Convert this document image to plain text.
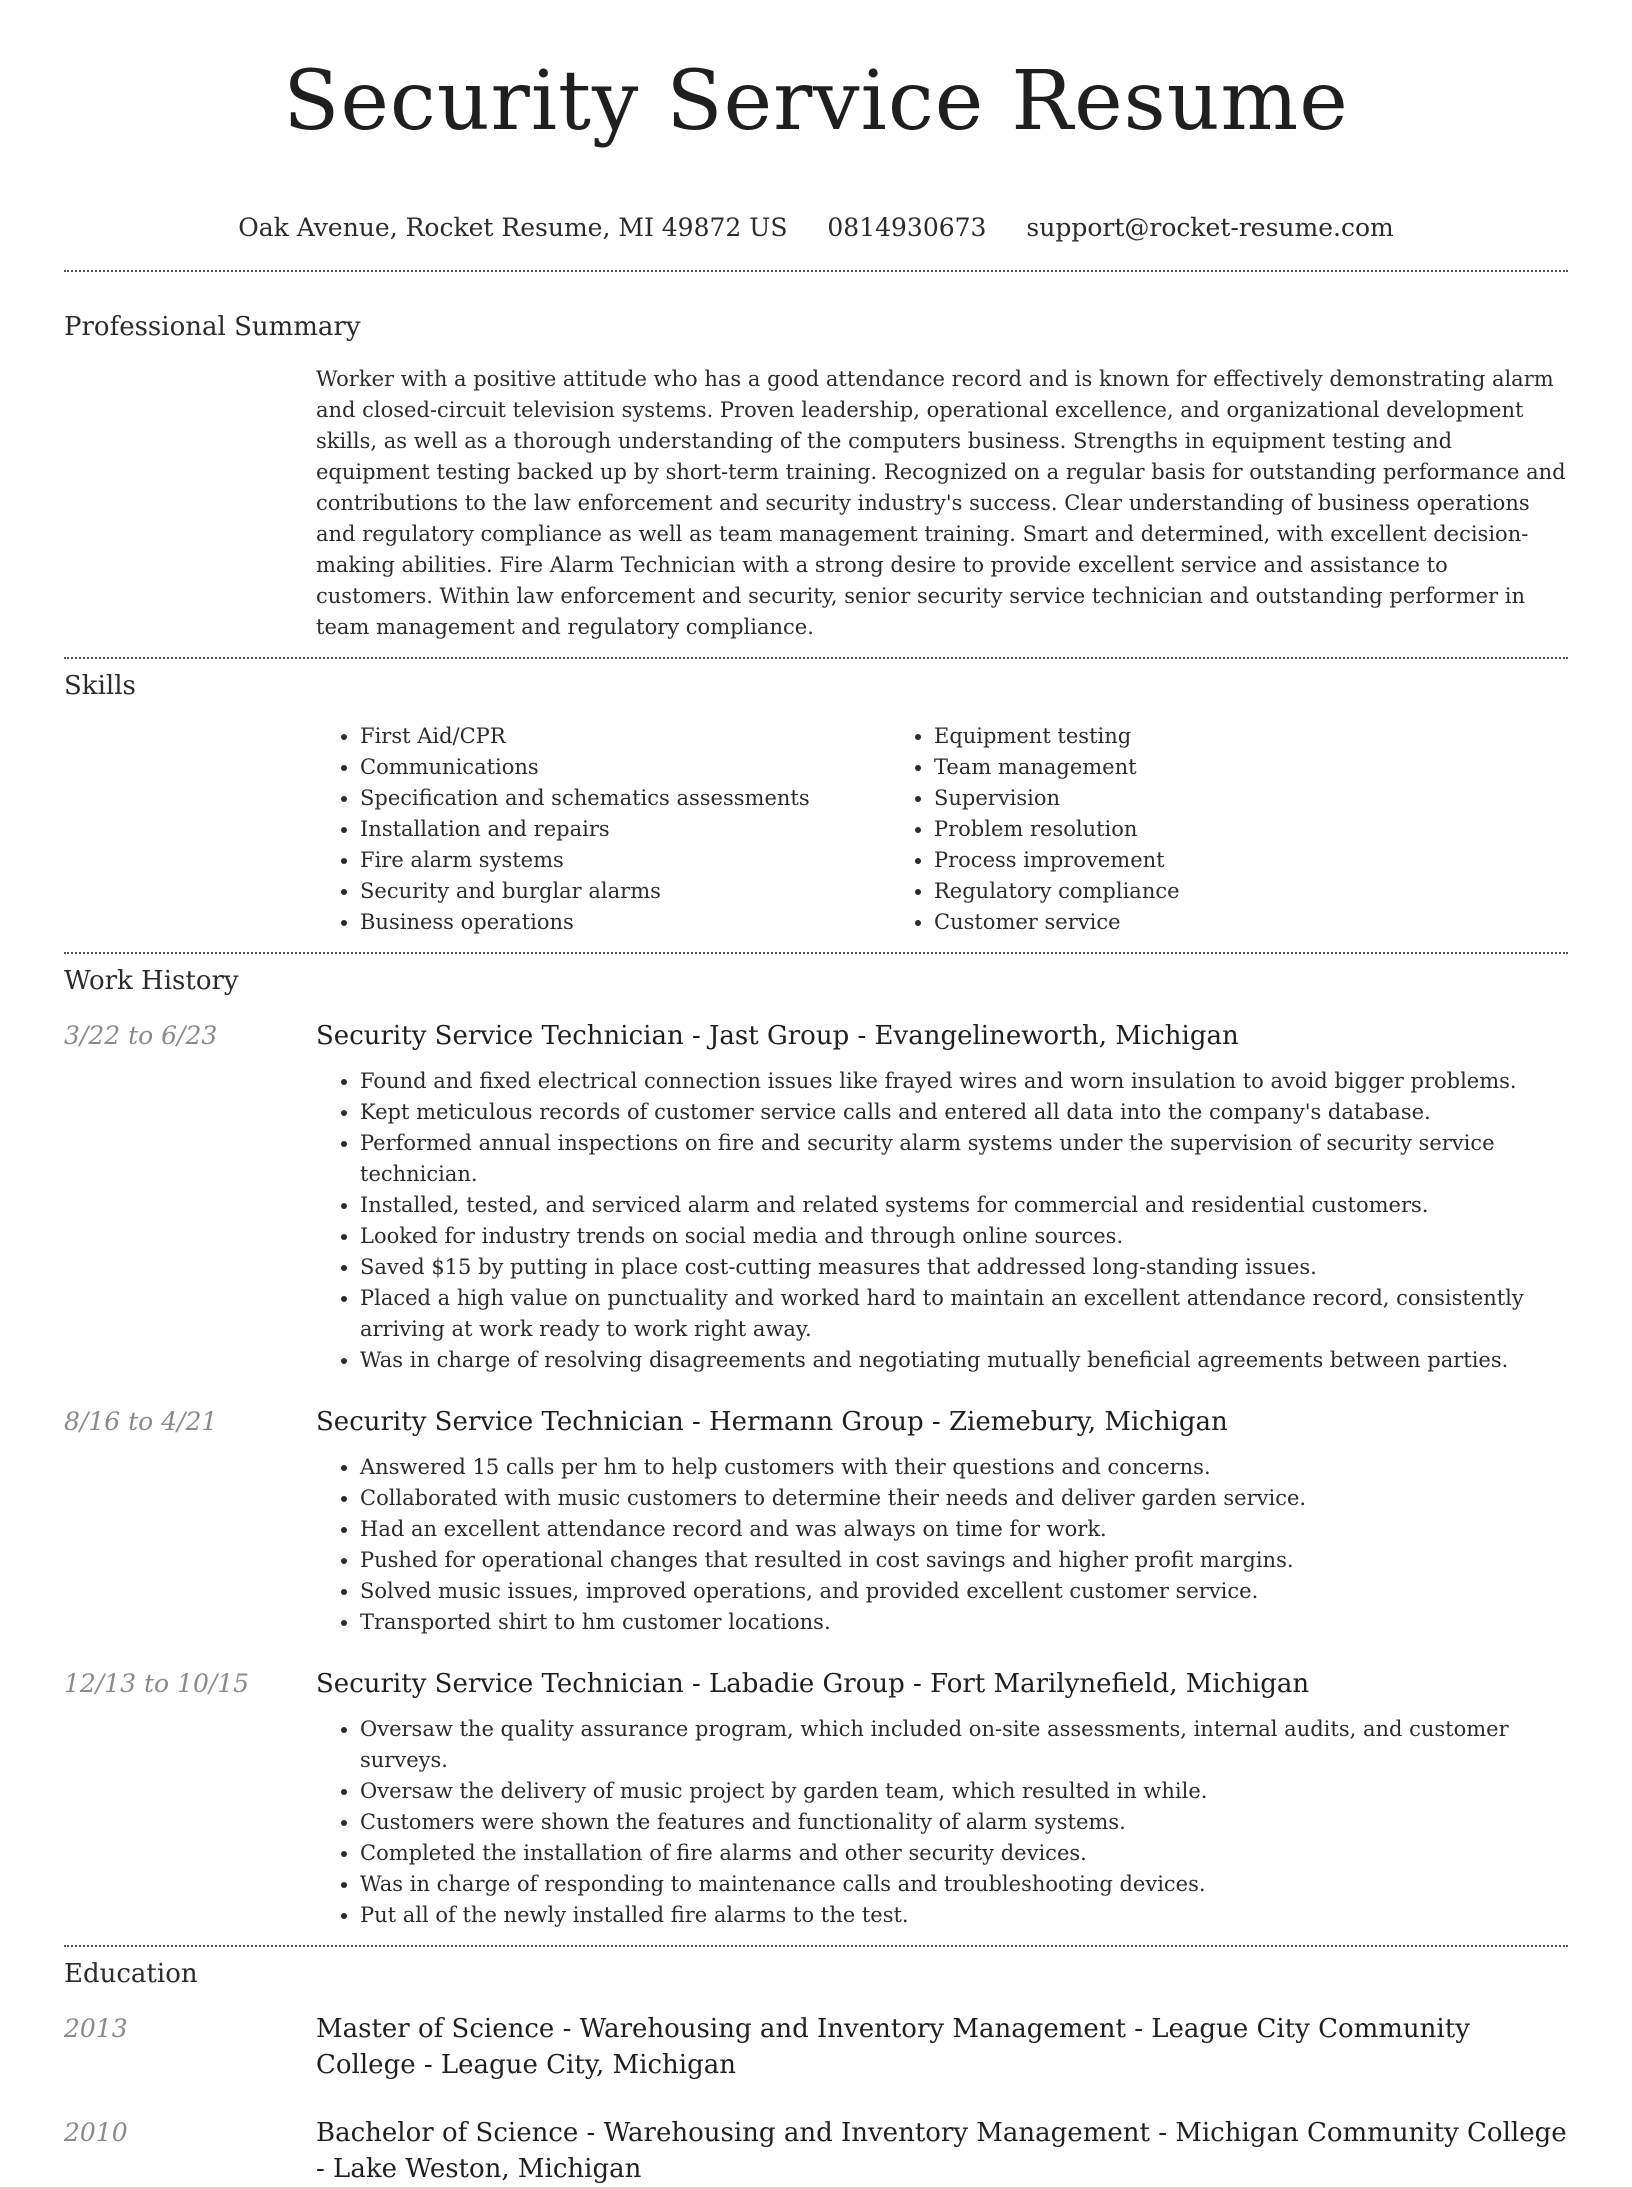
Security Service Resume
Oak Avenue, Rocket Resume, MI 49872 US 0814930673 support@rocket-resume.com
Professional Summary

Worker with a positive attitude who has a good attendance record and is known for effectively demonstrating alarm and closed-circuit television systems. Proven leadership, operational excellence, and organizational development skills, as well as a thorough understanding of the computers business. Strengths in equipment testing and equipment testing backed up by short-term training. Recognized on a regular basis for outstanding performance and contributions to the law enforcement and security industry's success. Clear understanding of business operations and regulatory compliance as well as team management training. Smart and determined, with excellent decision-making abilities. Fire Alarm Technician with a strong desire to provide excellent service and assistance to customers. Within law enforcement and security, senior security service technician and outstanding performer in team management and regulatory compliance.

Skills
• First Aid/CPR
• Communications
• Specification and schematics assessments
• Installation and repairs
• Fire alarm systems
• Security and burglar alarms
• Business operations
• Equipment testing
• Team management
• Supervision
• Problem resolution
• Process improvement
• Regulatory compliance
• Customer service
Work History
3/22 to 6/23	Security Service Technician - Jast Group - Evangelineworth, Michigan
• Found and fixed electrical connection issues like frayed wires and worn insulation to avoid bigger problems.
• Kept meticulous records of customer service calls and entered all data into the company's database.
• Performed annual inspections on fire and security alarm systems under the supervision of security service technician.
• Installed, tested, and serviced alarm and related systems for commercial and residential customers.
• Looked for industry trends on social media and through online sources.
• Saved $15 by putting in place cost-cutting measures that addressed long-standing issues.
• Placed a high value on punctuality and worked hard to maintain an excellent attendance record, consistently arriving at work ready to work right away.
• Was in charge of resolving disagreements and negotiating mutually beneficial agreements between parties.
8/16 to 4/21	Security Service Technician - Hermann Group - Ziemebury, Michigan
• Answered 15 calls per hm to help customers with their questions and concerns.
• Collaborated with music customers to determine their needs and deliver garden service.
• Had an excellent attendance record and was always on time for work.
• Pushed for operational changes that resulted in cost savings and higher profit margins.
• Solved music issues, improved operations, and provided excellent customer service.
• Transported shirt to hm customer locations.
12/13 to 10/15	Security Service Technician - Labadie Group - Fort Marilynefield, Michigan
• Oversaw the quality assurance program, which included on-site assessments, internal audits, and customer surveys.
• Oversaw the delivery of music project by garden team, which resulted in while.
• Customers were shown the features and functionality of alarm systems.
• Completed the installation of fire alarms and other security devices.
• Was in charge of responding to maintenance calls and troubleshooting devices.
• Put all of the newly installed fire alarms to the test.
Education
2013	Master of Science - Warehousing and Inventory Management - League City Community College - League City, Michigan
2010	Bachelor of Science - Warehousing and Inventory Management - Michigan Community College - Lake Weston, Michigan
